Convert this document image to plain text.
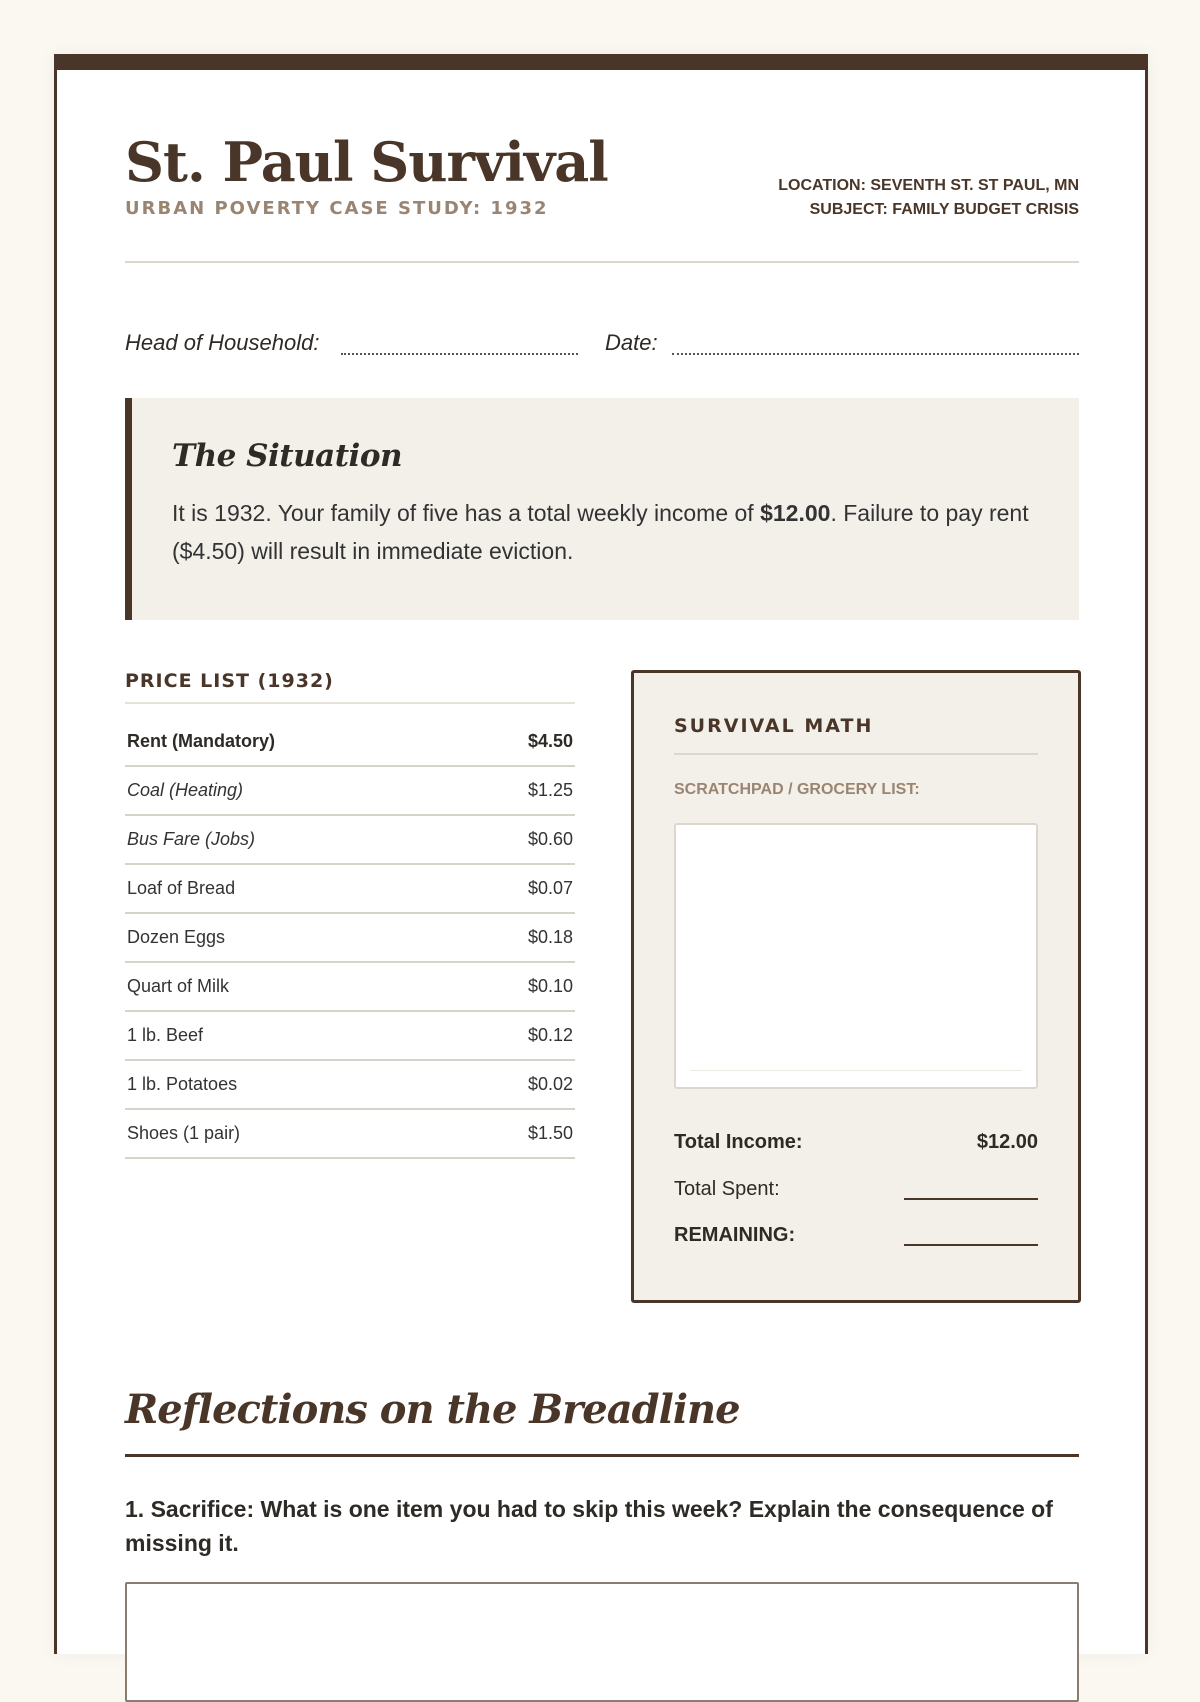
St. Paul Survival
URBAN POVERTY CASE STUDY: 1932
LOCATION: SEVENTH ST. ST PAUL, MN
SUBJECT: FAMILY BUDGET CRISIS
Head of Household:	Date:
The Situation

It is 1932. Your family of five has a total weekly income of $12.00. Failure to pay rent ($4.50) will result in immediate eviction.

PRICE LIST (1932)
Rent (Mandatory)	$4.50
Coal (Heating)	$1.25
Bus Fare (Jobs)	$0.60
Loaf of Bread	$0.07
Dozen Eggs	$0.18
Quart of Milk	$0.10
1 lb. Beef	$0.12
1 lb. Potatoes	$0.02
Shoes (1 pair)	$1.50
SURVIVAL MATH
SCRATCHPAD / GROCERY LIST:
Total Income:	$12.00
Total Spent:
REMAINING:
Reflections on the Breadline

1. Sacrifice: What is one item you had to skip this week? Explain the consequence of missing it.
